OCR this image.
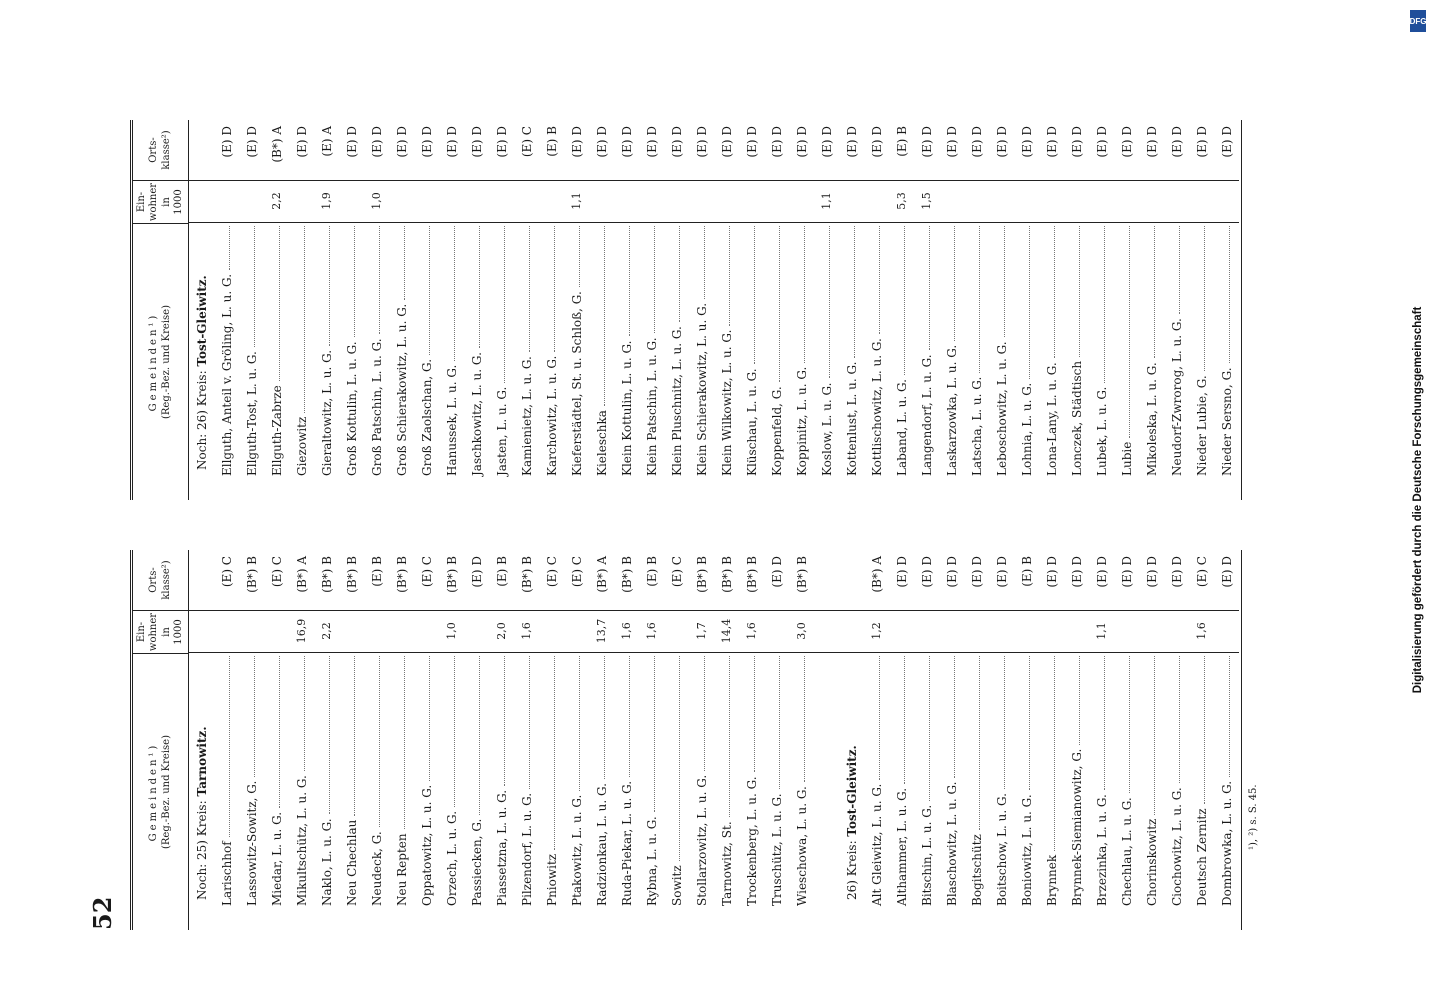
52
Gemeinden¹) (Reg.-Bez. und Kreise)
Ein- wohner in 1000
Orts- klasse²)
Noch: 25) Kreis:

Tarnowitz.
Larischhof
(E) C
Lassowitz-Sowitz, G.
(B*) B
Miedar, L. u. G.
(E) C
Mikultschütz, L. u. G.
16,9
(B*) A
Naklo, L. u. G.
2,2
(B*) B
Neu Chechlau
(B*) B
Neudeck, G.
(E) B
Neu Repten
(B*) B
Oppatowitz, L. u. G.
(E) C
Orzech, L. u. G.
1,0
(B*) B
Passiecken, G.
(E) D
Piassetzna, L. u. G.
2,0
(E) B
Pilzendorf, L. u. G.
1,6
(B*) B
Pniowitz
(E) C
Ptakowitz, L. u. G.
(E) C
Radzionkau, L. u. G.
13,7
(B*) A
Ruda-Piekar, L. u. G.
1,6
(B*) B
Rybna, L. u. G.
1,6
(E) B
Sowitz
(E) C
Stollarzowitz, L. u. G.
1,7
(B*) B
Tarnowitz, St.
14,4
(B*) B
Trockenberg, L. u. G.
1,6
(B*) B
Truschütz, L. u. G.
(E) D
Wieschowa, L. u. G.
3,0
(B*) B
26) Kreis:

Tost-Gleiwitz. Alt Gleiwitz, L. u. G.
1,2
(B*) A
Althammer, L. u. G.
(E) D
Bitschin, L. u. G.
(E) D
Blaschowitz, L. u. G.
(E) D
Bogitschütz
(E) D
Boitschow, L. u. G.
(E) D
Boniowitz, L. u. G.
(E) B
Brynnek
(E) D
Brynnek-Siemianowitz, G.
(E) D
Brzezinka, L. u. G.
1,1
(E) D
Chechlau, L. u. G.
(E) D
Chorinskowitz
(E) D
Ciochowitz, L. u. G.
(E) D
Deutsch Zernitz
1,6
(E) C
Dombrowka, L. u. G.
(E) D
¹), ²) s. S. 45.
Gemeinden¹) (Reg.-Bez. und Kreise)
Ein- wohner in 1000
Orts- klasse²)
Noch: 26) Kreis:

Tost-Gleiwitz. Ellguth, Anteil v. Gröling, L. u. G.
(E) D
Ellguth-Tost, L. u. G.
(E) D
Ellguth-Zabrze
2,2
(B*) A
Giezowitz
(E) D
Gieraltowitz, L. u. G.
1,9
(E) A
Groß Kottulin, L. u. G.
(E) D
Groß Patschin, L. u. G.
1,0
(E) D
Groß Schierakowitz, L. u. G.
(E) D
Groß Zaolschan, G.
(E) D
Hanussek, L. u. G.
(E) D
Jaschkowitz, L. u. G.
(E) D
Jasten, L. u. G.
(E) D
Kamienietz, L. u. G.
(E) C
Karchowitz, L. u. G.
(E) B
Kieferstädtel, St. u. Schloß, G.
1,1
(E) D
Kieleschka
(E) D
Klein Kottulin, L. u. G.
(E) D
Klein Patschin, L. u. G.
(E) D
Klein Pluschnitz, L. u. G.
(E) D
Klein Schierakowitz, L. u. G.
(E) D
Klein Wilkowitz, L. u. G.
(E) D
Klüschau, L. u. G.
(E) D
Koppenfeld, G.
(E) D
Koppinitz, L. u. G.
(E) D
Koslow, L. u. G.
1,1
(E) D
Kottenlust, L. u. G.
(E) D
Kottlischowitz, L. u. G.
(E) D
Laband, L. u. G.
5,3
(E) B
Langendorf, L. u. G.
1,5
(E) D
Laskarzowka, L. u. G.
(E) D
Latscha, L. u. G.
(E) D
Leboschowitz, L. u. G.
(E) D
Lohnia, L. u. G.
(E) D
Lona-Lany, L. u. G.
(E) D
Lonczek, Städtisch
(E) D
Lubek, L. u. G.
(E) D
Lubie
(E) D
Mikoleska, L. u. G.
(E) D
Neudorf-Zwrorog, L. u. G.
(E) D
Nieder Lubie, G.
(E) D
Nieder Sersno, G.
(E) D
DFG
Digitalisierung gefördert durch die Deutsche Forschungsgemeinschaft
